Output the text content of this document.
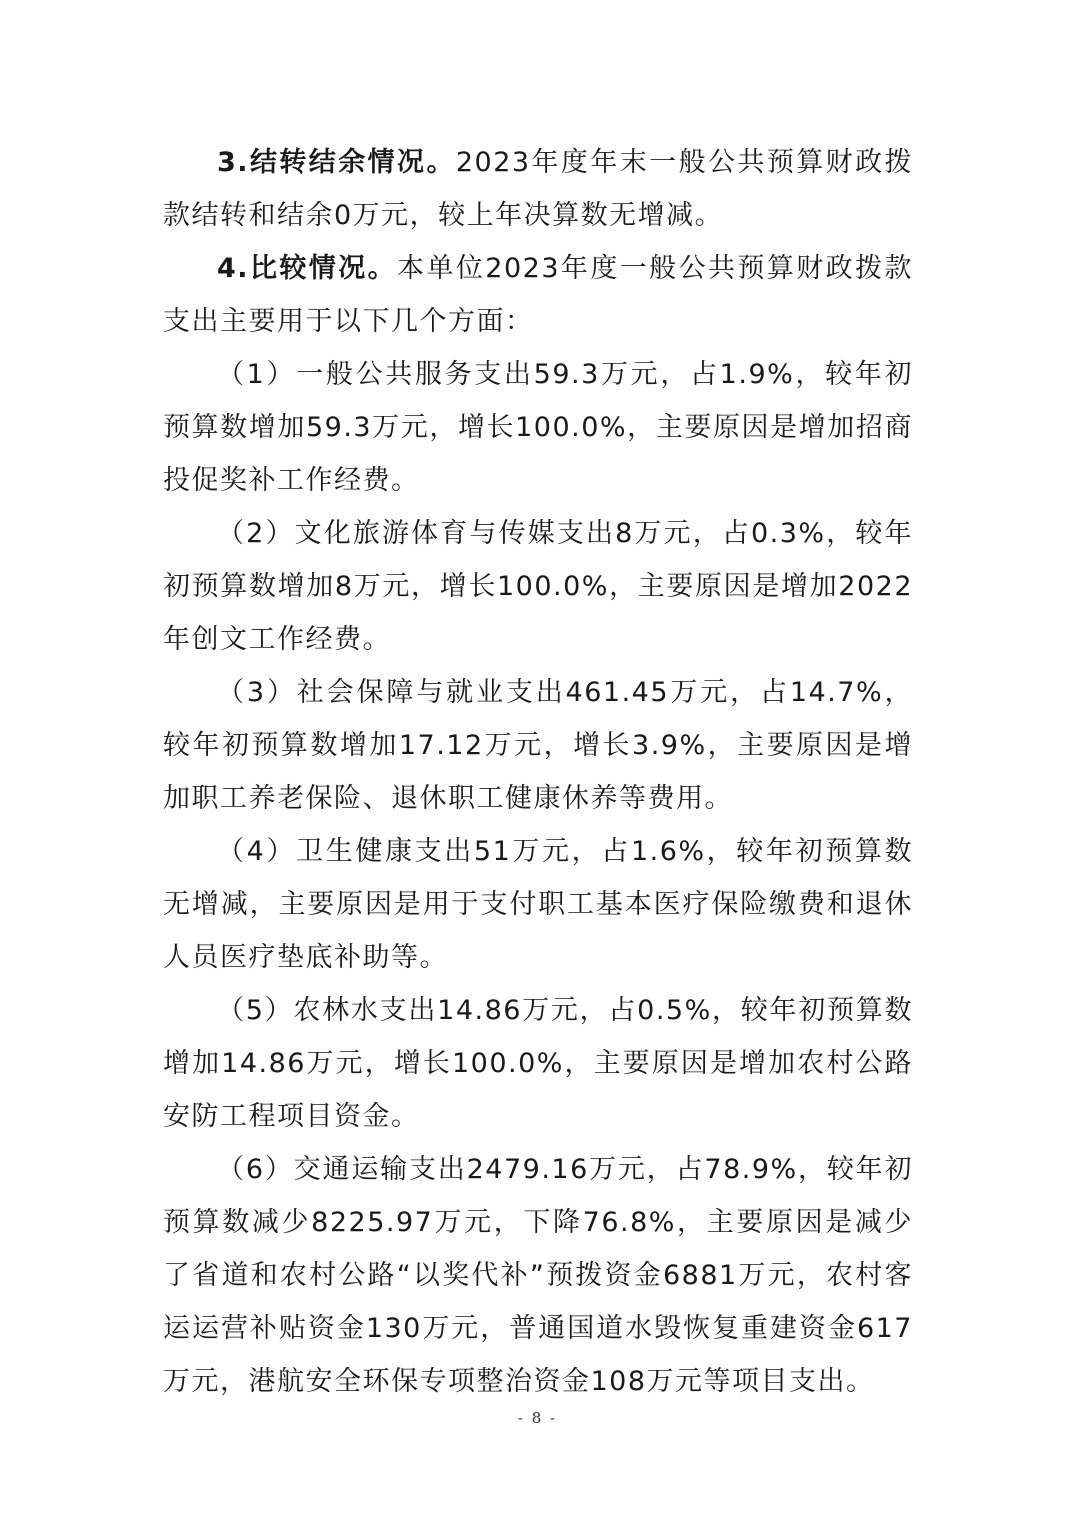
3.结转结余情况。2023年度年末一般公共预算财政拨款结转和结余0万元，较上年决算数无增减。

4.比较情况。本单位2023年度一般公共预算财政拨款支出主要用于以下几个方面：

（1）一般公共服务支出59.3万元，占1.9%，较年初预算数增加59.3万元，增长100.0%，主要原因是增加招商投促奖补工作经费。

（2）文化旅游体育与传媒支出8万元，占0.3%，较年初预算数增加8万元，增长100.0%，主要原因是增加2022年创文工作经费。

（3）社会保障与就业支出461.45万元，占14.7%，较年初预算数增加17.12万元，增长3.9%，主要原因是增加职工养老保险、退休职工健康休养等费用。

（4）卫生健康支出51万元，占1.6%，较年初预算数无增减，主要原因是用于支付职工基本医疗保险缴费和退休人员医疗垫底补助等。

（5）农林水支出14.86万元，占0.5%，较年初预算数增加14.86万元，增长100.0%，主要原因是增加农村公路安防工程项目资金。

（6）交通运输支出2479.16万元，占78.9%，较年初预算数减少8225.97万元，下降76.8%，主要原因是减少了省道和农村公路“以奖代补”预拨资金6881万元，农村客运运营补贴资金130万元，普通国道水毁恢复重建资金617万元，港航安全环保专项整治资金108万元等项目支出。

- 8 -
